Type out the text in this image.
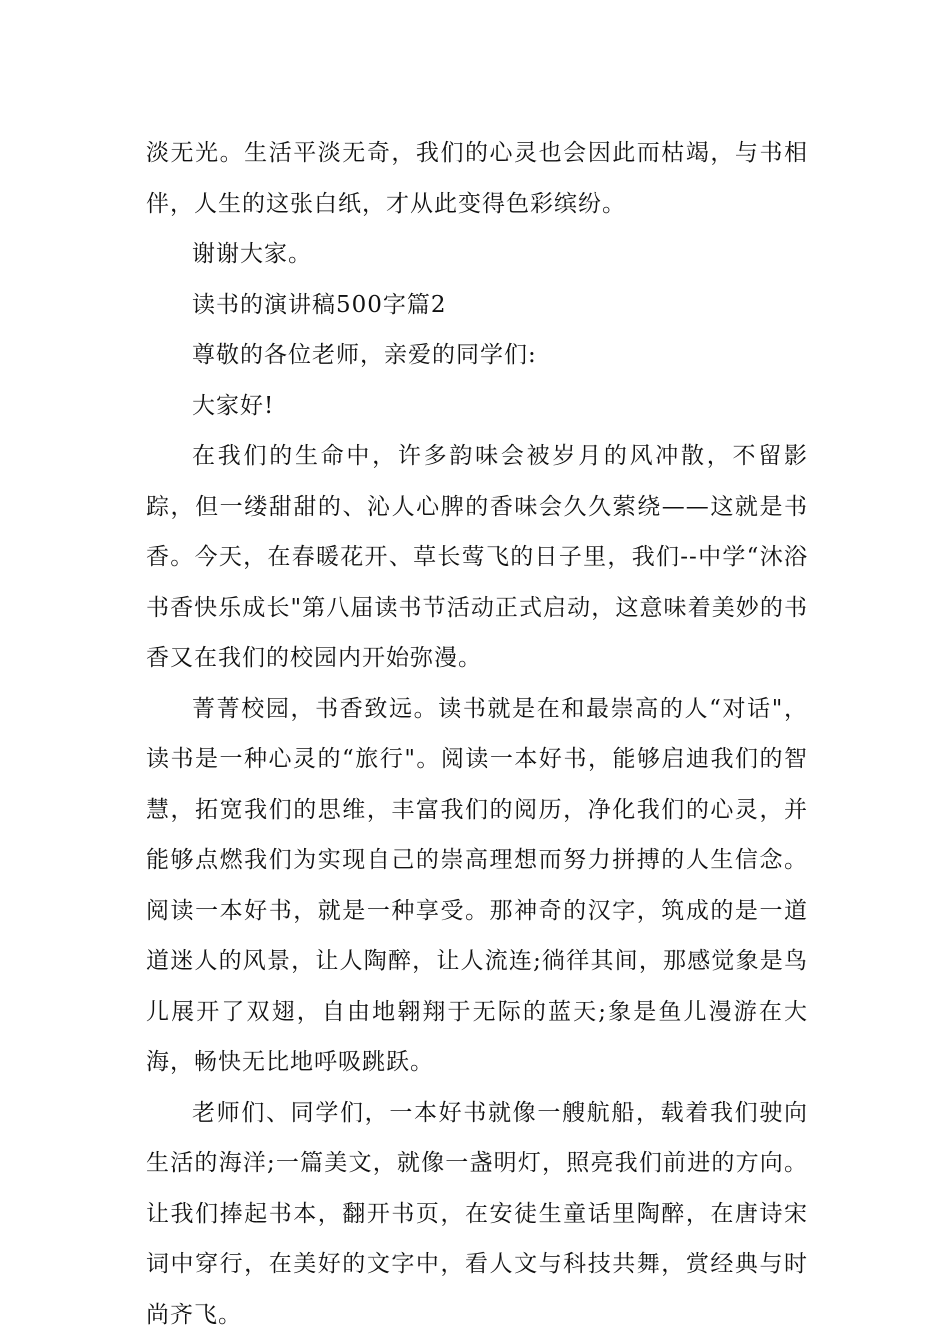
淡无光。生活平淡无奇，我们的心灵也会因此而枯竭，与书相伴，人生的这张白纸，才从此变得色彩缤纷。

谢谢大家。

读书的演讲稿500字篇2

尊敬的各位老师，亲爱的同学们:

大家好!

在我们的生命中，许多韵味会被岁月的风冲散，不留影踪，但一缕甜甜的、沁人心脾的香味会久久萦绕——这就是书香。今天，在春暖花开、草长莺飞的日子里，我们--中学“沐浴书香快乐成长"第八届读书节活动正式启动，这意味着美妙的书香又在我们的校园内开始弥漫。

菁菁校园，书香致远。读书就是在和最崇高的人“对话"，读书是一种心灵的“旅行"。阅读一本好书，能够启迪我们的智慧，拓宽我们的思维，丰富我们的阅历，净化我们的心灵，并能够点燃我们为实现自己的崇高理想而努力拼搏的人生信念。阅读一本好书，就是一种享受。那神奇的汉字，筑成的是一道道迷人的风景，让人陶醉，让人流连;徜徉其间，那感觉象是鸟儿展开了双翅，自由地翱翔于无际的蓝天;象是鱼儿漫游在大海，畅快无比地呼吸跳跃。

老师们、同学们，一本好书就像一艘航船，载着我们驶向生活的海洋;一篇美文，就像一盏明灯，照亮我们前进的方向。让我们捧起书本，翻开书页，在安徒生童话里陶醉，在唐诗宋词中穿行，在美好的文字中，看人文与科技共舞，赏经典与时尚齐飞。
